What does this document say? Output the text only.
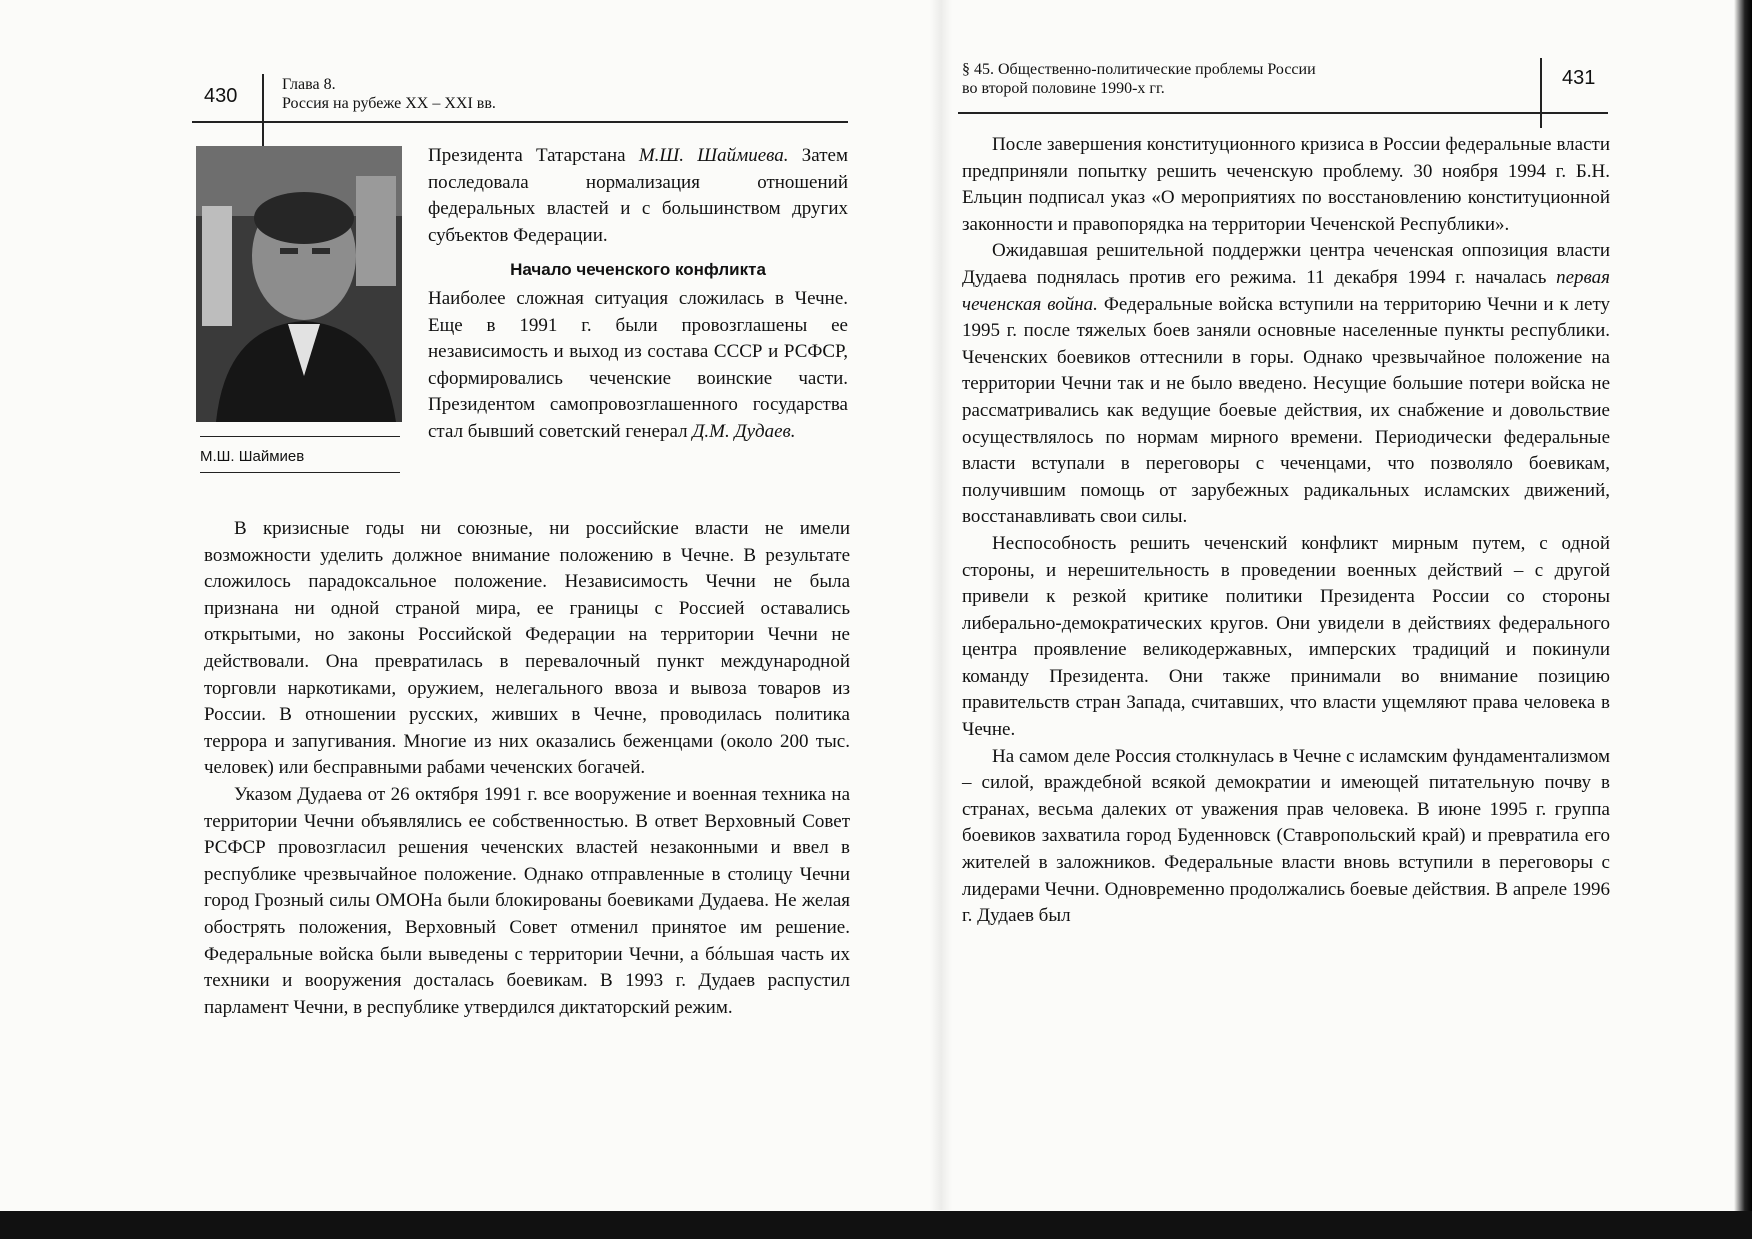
430
Глава 8.
Россия на рубеже XX – XXI вв.
М.Ш. Шаймиев

Президента Татарстана М.Ш. Шаймиева. Затем последовала нормализация отношений федеральных властей и с большинством других субъектов Федерации.

Начало чеченского конфликта

Наиболее сложная ситуация сложилась в Чечне. Еще в 1991 г. были провозглашены ее независимость и выход из состава СССР и РСФСР, сформировались чеченские воинские части. Президентом самопровозглашенного государства стал бывший советский генерал Д.М. Дудаев.

В кризисные годы ни союзные, ни российские власти не имели возможности уделить должное внимание положению в Чечне. В результате сложилось парадоксальное положение. Независимость Чечни не была признана ни одной страной мира, ее границы с Россией оставались открытыми, но законы Российской Федерации на территории Чечни не действовали. Она превратилась в перевалочный пункт международной торговли наркотиками, оружием, нелегального ввоза и вывоза товаров из России. В отношении русских, живших в Чечне, проводилась политика террора и запугивания. Многие из них оказались беженцами (около 200 тыс. человек) или бесправными рабами чеченских богачей.

Указом Дудаева от 26 октября 1991 г. все вооружение и военная техника на территории Чечни объявлялись ее собственностью. В ответ Верховный Совет РСФСР провозгласил решения чеченских властей незаконными и ввел в республике чрезвычайное положение. Однако отправленные в столицу Чечни город Грозный силы ОМОНа были блокированы боевиками Дудаева. Не желая обострять положения, Верховный Совет отменил принятое им решение. Федеральные войска были выведены с территории Чечни, а бóльшая часть их техники и вооружения досталась боевикам. В 1993 г. Дудаев распустил парламент Чечни, в республике утвердился диктаторский режим.

§ 45. Общественно-политические проблемы России
во второй половине 1990-х гг.	431

После завершения конституционного кризиса в России федеральные власти предприняли попытку решить чеченскую проблему. 30 ноября 1994 г. Б.Н. Ельцин подписал указ «О мероприятиях по восстановлению конституционной законности и правопорядка на территории Чеченской Республики».

Ожидавшая решительной поддержки центра чеченская оппозиция власти Дудаева поднялась против его режима. 11 декабря 1994 г. началась первая чеченская война. Федеральные войска вступили на территорию Чечни и к лету 1995 г. после тяжелых боев заняли основные населенные пункты республики. Чеченских боевиков оттеснили в горы. Однако чрезвычайное положение на территории Чечни так и не было введено. Несущие большие потери войска не рассматривались как ведущие боевые действия, их снабжение и довольствие осуществлялось по нормам мирного времени. Периодически федеральные власти вступали в переговоры с чеченцами, что позволяло боевикам, получившим помощь от зарубежных радикальных исламских движений, восстанавливать свои силы.

Неспособность решить чеченский конфликт мирным путем, с одной стороны, и нерешительность в проведении военных действий – с другой привели к резкой критике политики Президента России со стороны либерально-демократических кругов. Они увидели в действиях федерального центра проявление великодержавных, имперских традиций и покинули команду Президента. Они также принимали во внимание позицию правительств стран Запада, считавших, что власти ущемляют права человека в Чечне.

На самом деле Россия столкнулась в Чечне с исламским фундаментализмом – силой, враждебной всякой демократии и имеющей питательную почву в странах, весьма далеких от уважения прав человека. В июне 1995 г. группа боевиков захватила город Буденновск (Ставропольский край) и превратила его жителей в заложников. Федеральные власти вновь вступили в переговоры с лидерами Чечни. Одновременно продолжались боевые действия. В апреле 1996 г. Дудаев был
